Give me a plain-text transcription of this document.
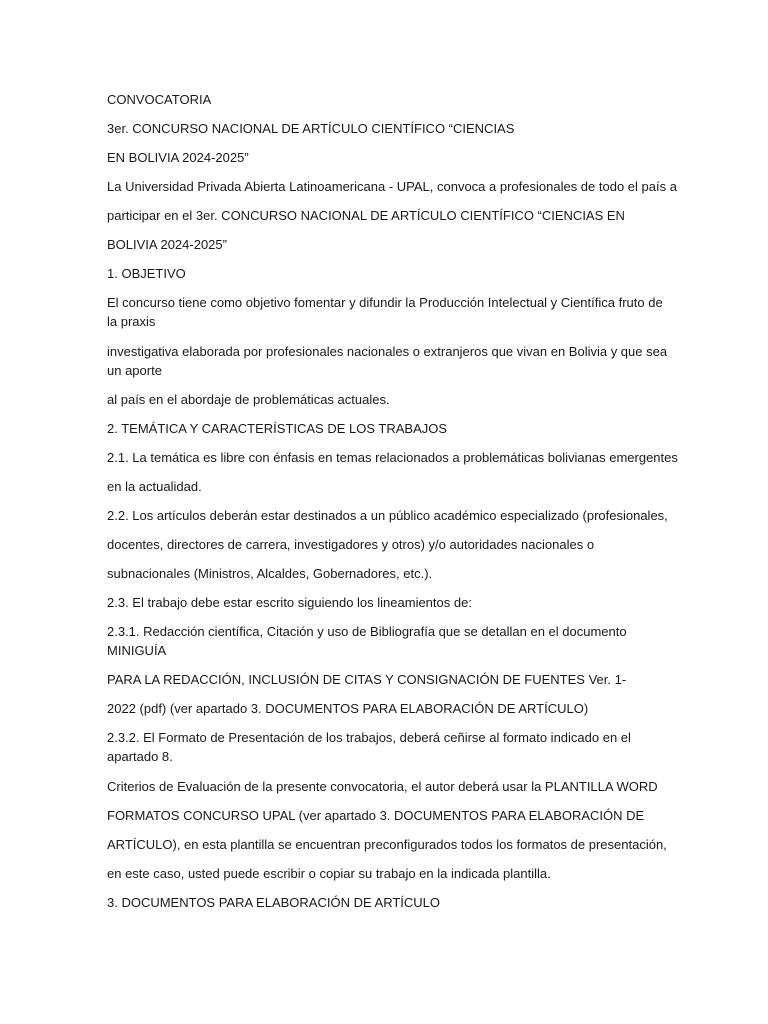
CONVOCATORIA

3er. CONCURSO NACIONAL DE ARTÍCULO CIENTÍFICO “CIENCIAS

EN BOLIVIA 2024-2025”

La Universidad Privada Abierta Latinoamericana - UPAL, convoca a profesionales de todo el país a

participar en el 3er. CONCURSO NACIONAL DE ARTÍCULO CIENTÍFICO “CIENCIAS EN

BOLIVIA 2024-2025”

1. OBJETIVO

El concurso tiene como objetivo fomentar y difundir la Producción Intelectual y Científica fruto de

la praxis

investigativa elaborada por profesionales nacionales o extranjeros que vivan en Bolivia y que sea

un aporte

al país en el abordaje de problemáticas actuales.

2. TEMÁTICA Y CARACTERÍSTICAS DE LOS TRABAJOS

2.1. La temática es libre con énfasis en temas relacionados a problemáticas bolivianas emergentes

en la actualidad.

2.2. Los artículos deberán estar destinados a un público académico especializado (profesionales,

docentes, directores de carrera, investigadores y otros) y/o autoridades nacionales o

subnacionales (Ministros, Alcaldes, Gobernadores, etc.).

2.3. El trabajo debe estar escrito siguiendo los lineamientos de:

2.3.1. Redacción científica, Citación y uso de Bibliografía que se detallan en el documento

MINIGUÍA

PARA LA REDACCIÓN, INCLUSIÓN DE CITAS Y CONSIGNACIÓN DE FUENTES Ver. 1-

2022 (pdf) (ver apartado 3. DOCUMENTOS PARA ELABORACIÓN DE ARTÍCULO)

2.3.2. El Formato de Presentación de los trabajos, deberá ceñirse al formato indicado en el

apartado 8.

Criterios de Evaluación de la presente convocatoria, el autor deberá usar la PLANTILLA WORD

FORMATOS CONCURSO UPAL (ver apartado 3. DOCUMENTOS PARA ELABORACIÓN DE

ARTÍCULO), en esta plantilla se encuentran preconfigurados todos los formatos de presentación,

en este caso, usted puede escribir o copiar su trabajo en la indicada plantilla.

3. DOCUMENTOS PARA ELABORACIÓN DE ARTÍCULO
